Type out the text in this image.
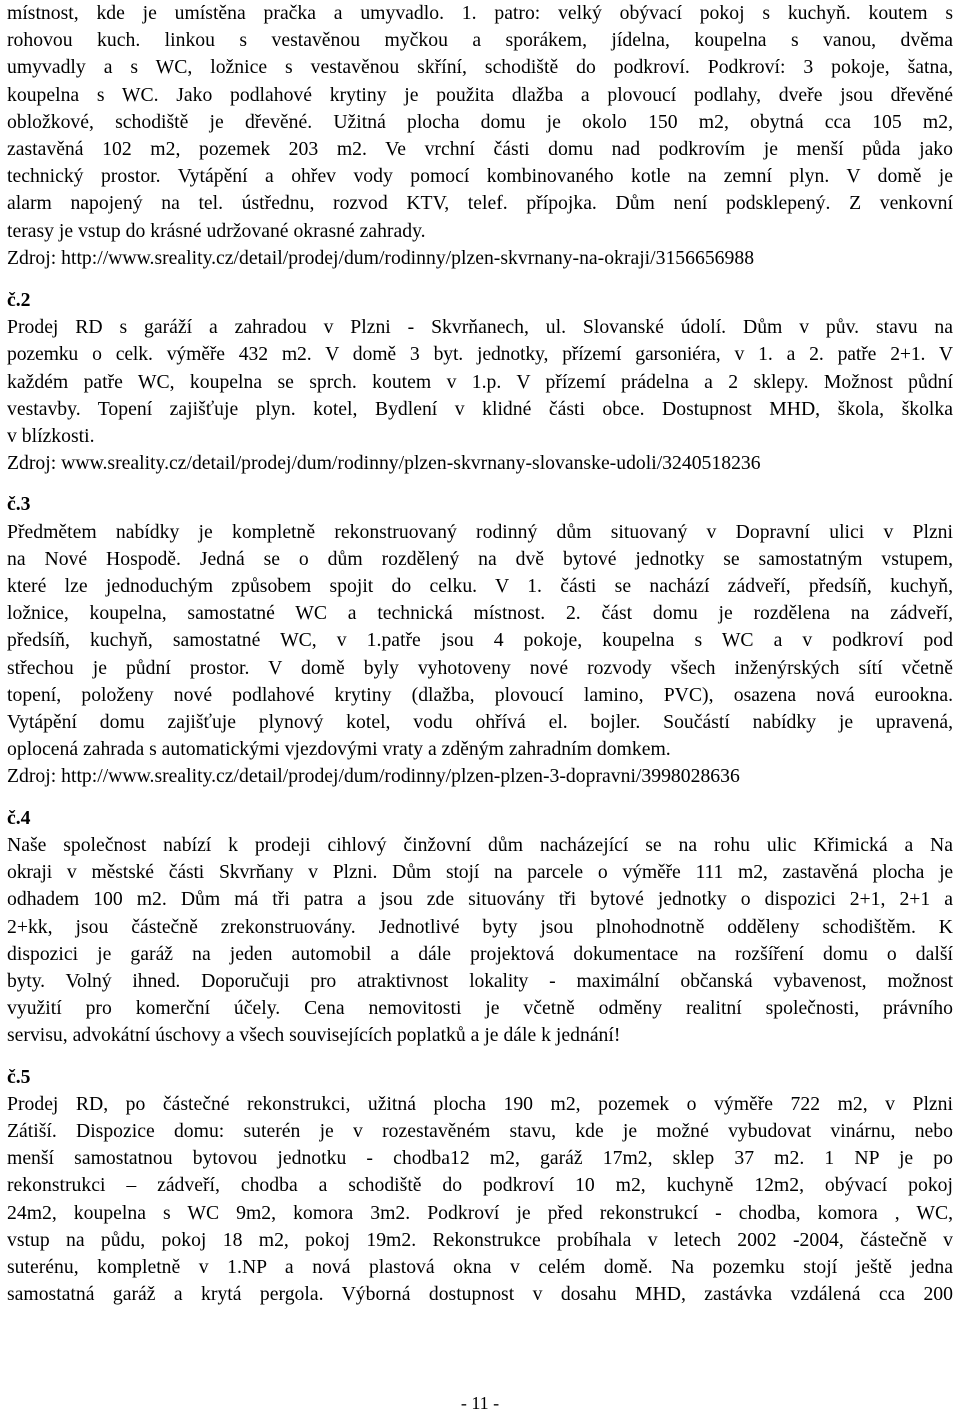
místnost, kde je umístěna pračka a umyvadlo. 1. patro: velký obývací pokoj s kuchyň. koutem s
rohovou kuch. linkou s vestavěnou myčkou a sporákem, jídelna, koupelna s vanou, dvěma
umyvadly a s WC, ložnice s vestavěnou skříní, schodiště do podkroví. Podkroví: 3 pokoje, šatna,
koupelna s WC. Jako podlahové krytiny je použita dlažba a plovoucí podlahy, dveře jsou dřevěné
obložkové, schodiště je dřevěné. Užitná plocha domu je okolo 150 m2, obytná cca 105 m2,
zastavěná 102 m2, pozemek 203 m2. Ve vrchní části domu nad podkrovím je menší půda jako
technický prostor. Vytápění a ohřev vody pomocí kombinovaného kotle na zemní plyn. V domě je
alarm napojený na tel. ústřednu, rozvod KTV, telef. přípojka. Dům není podsklepený. Z venkovní
terasy je vstup do krásné udržované okrasné zahrady.
Zdroj: http://www.sreality.cz/detail/prodej/dum/rodinny/plzen-skvrnany-na-okraji/3156656988
č.2
Prodej RD s garáží a zahradou v Plzni - Skvrňanech, ul. Slovanské údolí. Dům v pův. stavu na
pozemku o celk. výměře 432 m2. V domě 3 byt. jednotky, přízemí garsoniéra, v 1. a 2. patře 2+1. V
každém patře WC, koupelna se sprch. koutem v 1.p. V přízemí prádelna a 2 sklepy. Možnost půdní
vestavby. Topení zajišťuje plyn. kotel, Bydlení v klidné části obce. Dostupnost MHD, škola, školka
v blízkosti.
Zdroj: www.sreality.cz/detail/prodej/dum/rodinny/plzen-skvrnany-slovanske-udoli/3240518236
č.3
Předmětem nabídky je kompletně rekonstruovaný rodinný dům situovaný v Dopravní ulici v Plzni
na Nové Hospodě. Jedná se o dům rozdělený na dvě bytové jednotky se samostatným vstupem,
které lze jednoduchým způsobem spojit do celku. V 1. části se nachází zádveří, předsíň, kuchyň,
ložnice, koupelna, samostatné WC a technická místnost. 2. část domu je rozdělena na zádveří,
předsíň, kuchyň, samostatné WC, v 1.patře jsou 4 pokoje, koupelna s WC a v podkroví pod
střechou je půdní prostor. V domě byly vyhotoveny nové rozvody všech inženýrských sítí včetně
topení, položeny nové podlahové krytiny (dlažba, plovoucí lamino, PVC), osazena nová eurookna.
Vytápění domu zajišťuje plynový kotel, vodu ohřívá el. bojler. Součástí nabídky je upravená,
oplocená zahrada s automatickými vjezdovými vraty a zděným zahradním domkem.
Zdroj: http://www.sreality.cz/detail/prodej/dum/rodinny/plzen-plzen-3-dopravni/3998028636
č.4
Naše společnost nabízí k prodeji cihlový činžovní dům nacházející se na rohu ulic Křimická a Na
okraji v městské části Skvrňany v Plzni. Dům stojí na parcele o výměře 111 m2, zastavěná plocha je
odhadem 100 m2. Dům má tři patra a jsou zde situovány tři bytové jednotky o dispozici 2+1, 2+1 a
2+kk, jsou částečně zrekonstruovány. Jednotlivé byty jsou plnohodnotně odděleny schodištěm. K
dispozici je garáž na jeden automobil a dále projektová dokumentace na rozšíření domu o další
byty. Volný ihned. Doporučuji pro atraktivnost lokality - maximální občanská vybavenost, možnost
využití pro komerční účely. Cena nemovitosti je včetně odměny realitní společnosti, právního
servisu, advokátní úschovy a všech souvisejících poplatků a je dále k jednání!
č.5
Prodej RD, po částečné rekonstrukci, užitná plocha 190 m2, pozemek o výměře 722 m2, v Plzni
Zátiší. Dispozice domu: suterén je v rozestavěném stavu, kde je možné vybudovat vinárnu, nebo
menší samostatnou bytovou jednotku - chodba12 m2, garáž 17m2, sklep 37 m2. 1 NP je po
rekonstrukci – zádveří, chodba a schodiště do podkroví 10 m2, kuchyně 12m2, obývací pokoj
24m2, koupelna s WC 9m2, komora 3m2. Podkroví je před rekonstrukcí - chodba, komora , WC,
vstup na půdu, pokoj 18 m2, pokoj 19m2. Rekonstrukce probíhala v letech 2002 -2004, částečně v
suterénu, kompletně v 1.NP a nová plastová okna v celém domě. Na pozemku stojí ještě jedna
samostatná garáž a krytá pergola. Výborná dostupnost v dosahu MHD, zastávka vzdálená cca 200
- 11 -
